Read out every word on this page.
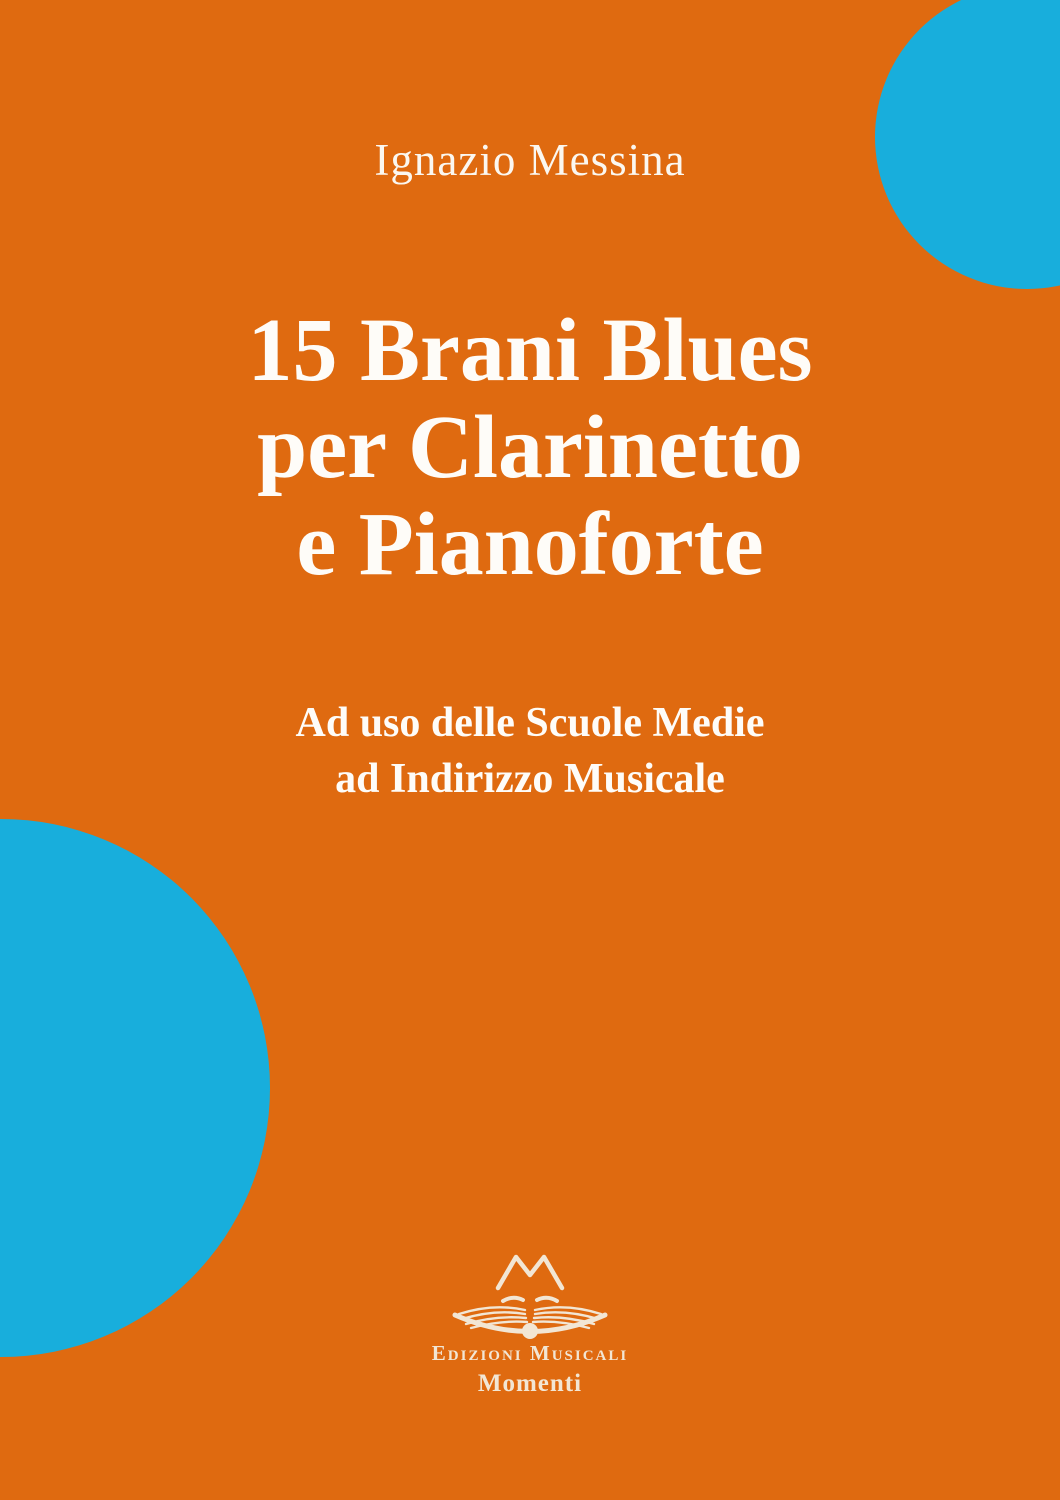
Ignazio Messina
15 Brani Blues
per Clarinetto
e Pianoforte
Ad uso delle Scuole Medie
ad Indirizzo Musicale
Edizioni Musicali
Momenti
